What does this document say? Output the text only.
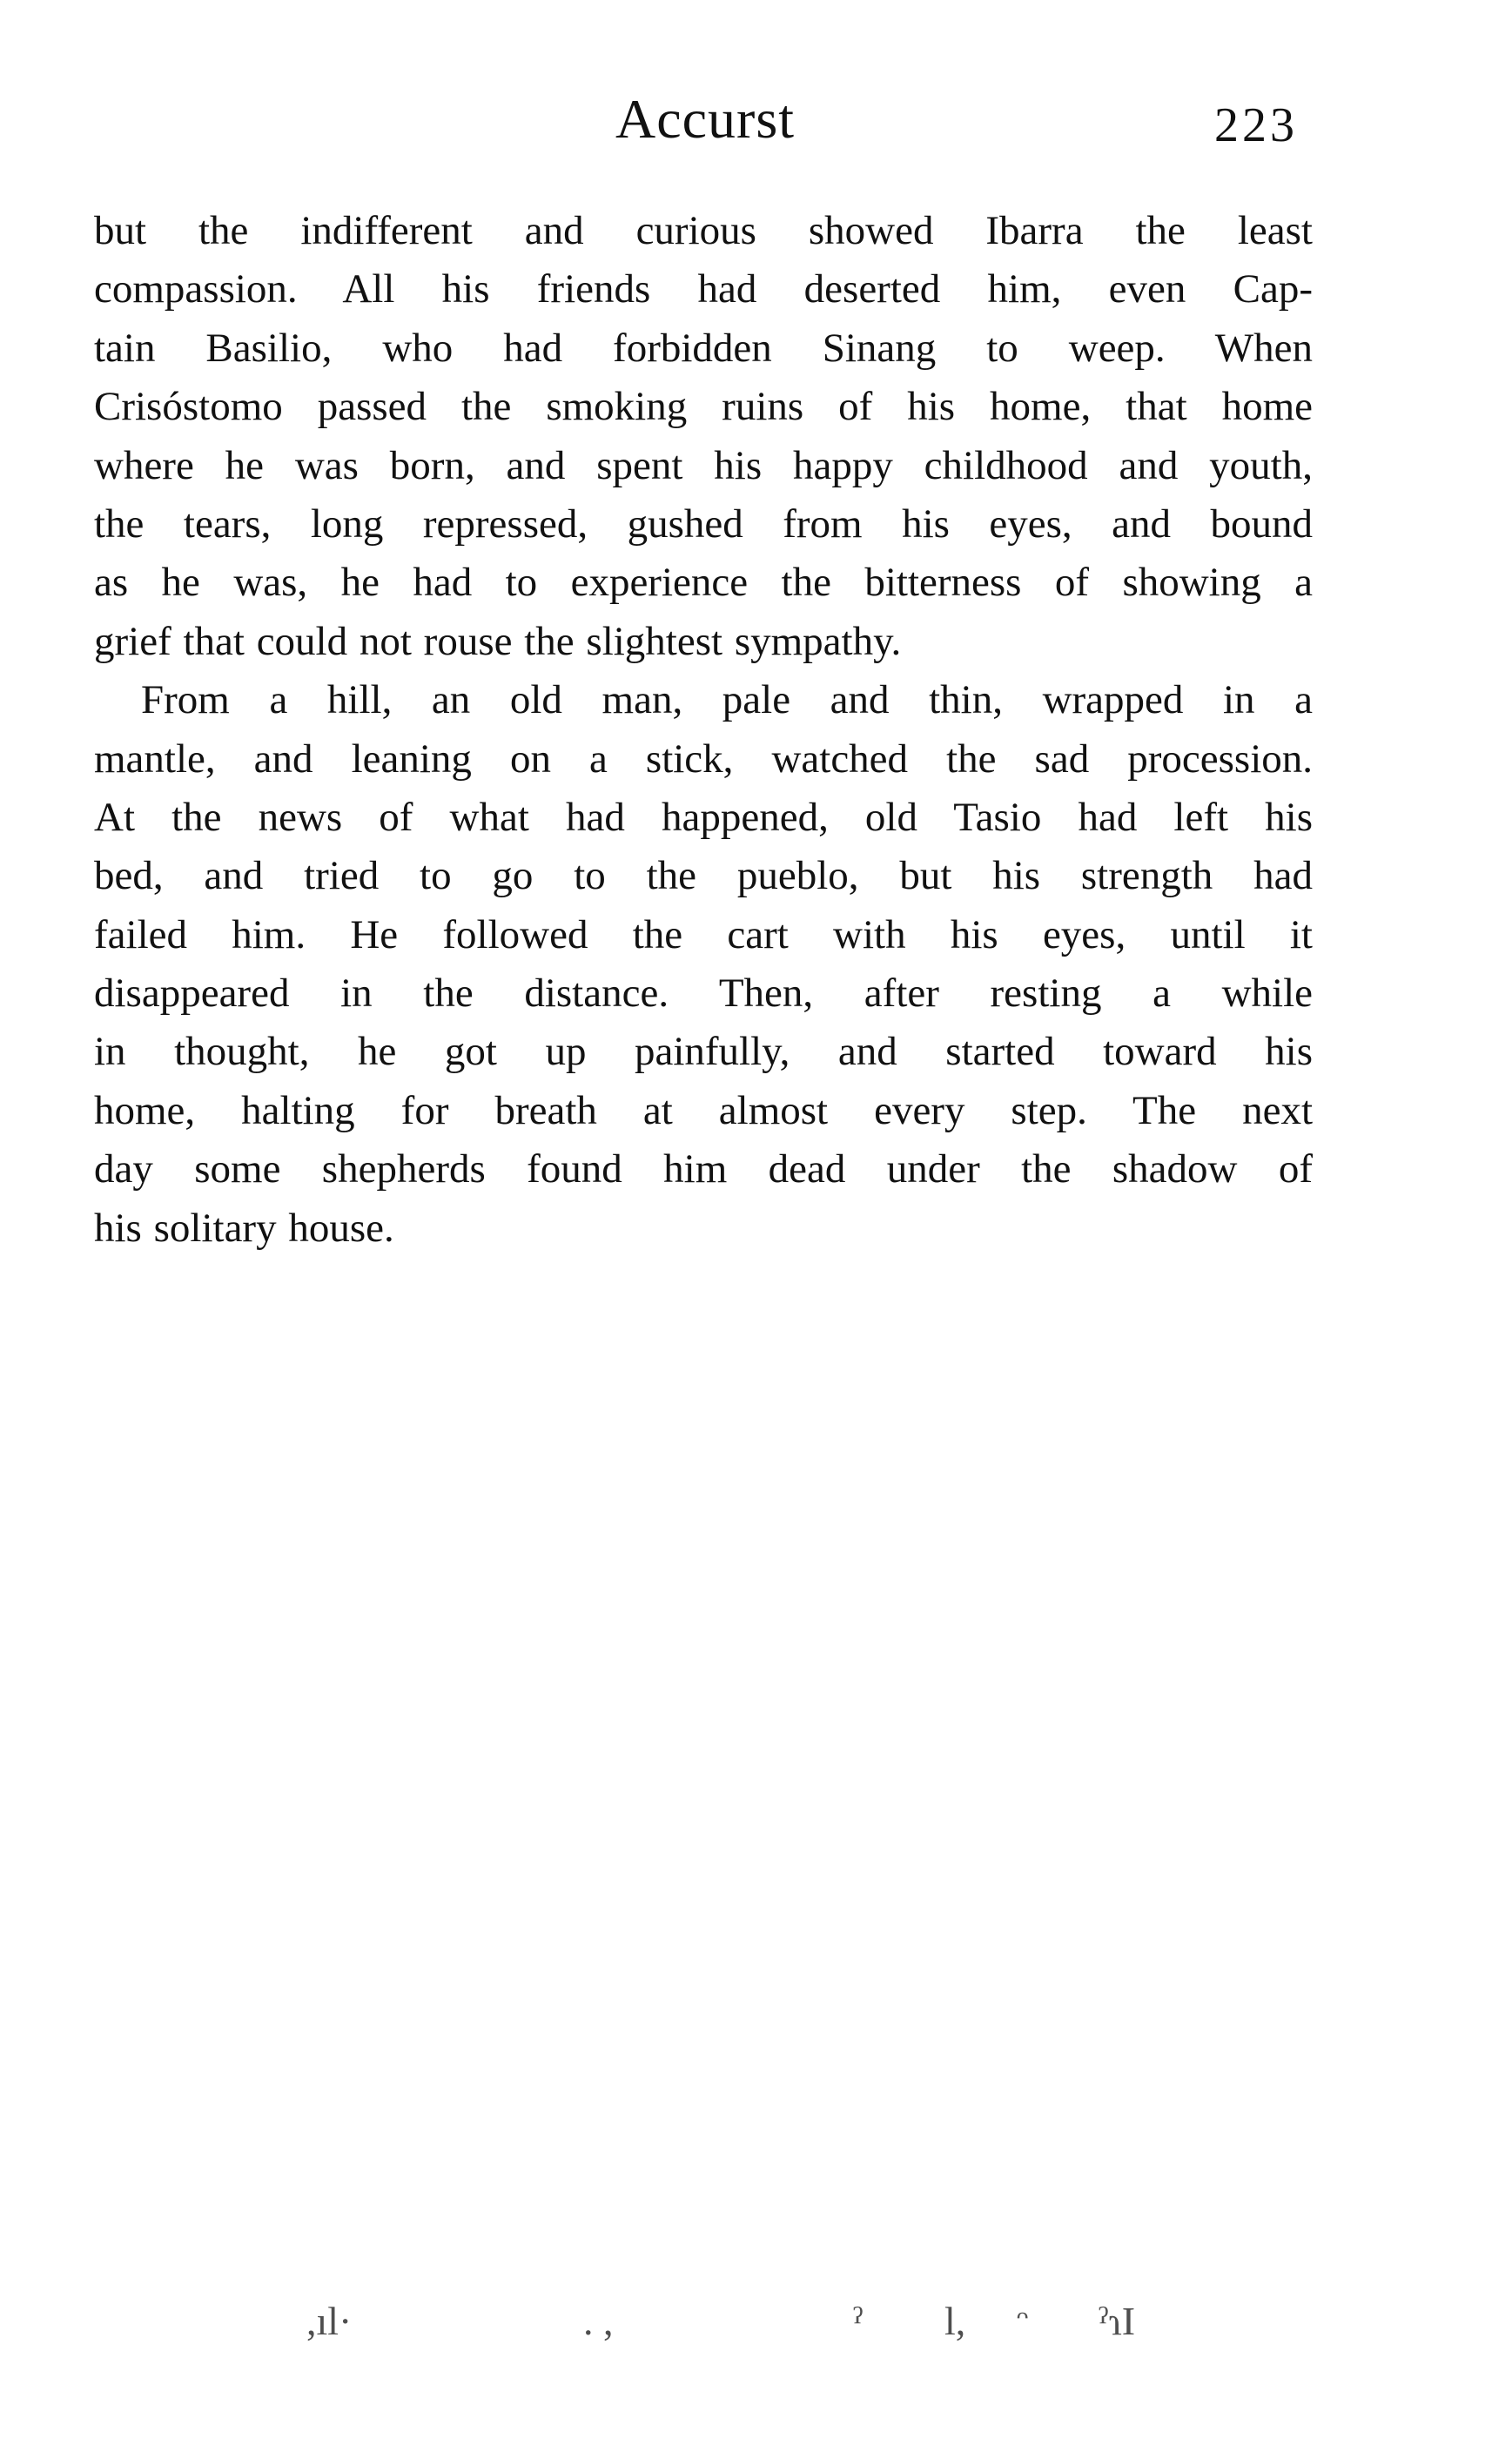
Accurst	223
but the indifferent and curious showed Ibarra the least
compassion. All his friends had deserted him, even Cap-
tain Basilio, who had forbidden Sinang to weep. When
Crisóstomo passed the smoking ruins of his home, that home
where he was born, and spent his happy childhood and youth,
the tears, long repressed, gushed from his eyes, and bound
as he was, he had to experience the bitterness of showing a
grief that could not rouse the slightest sympathy.
From a hill, an old man, pale and thin, wrapped in a
mantle, and leaning on a stick, watched the sad procession.
At the news of what had happened, old Tasio had left his
bed, and tried to go to the pueblo, but his strength had
failed him. He followed the cart with his eyes, until it
disappeared in the distance. Then, after resting a while
in thought, he got up painfully, and started toward his
home, halting for breath at almost every step. The next
day some shepherds found him dead under the shadow of
his solitary house.
,ıl·	. ,	ˀ l, ᵔ ˀɿI
